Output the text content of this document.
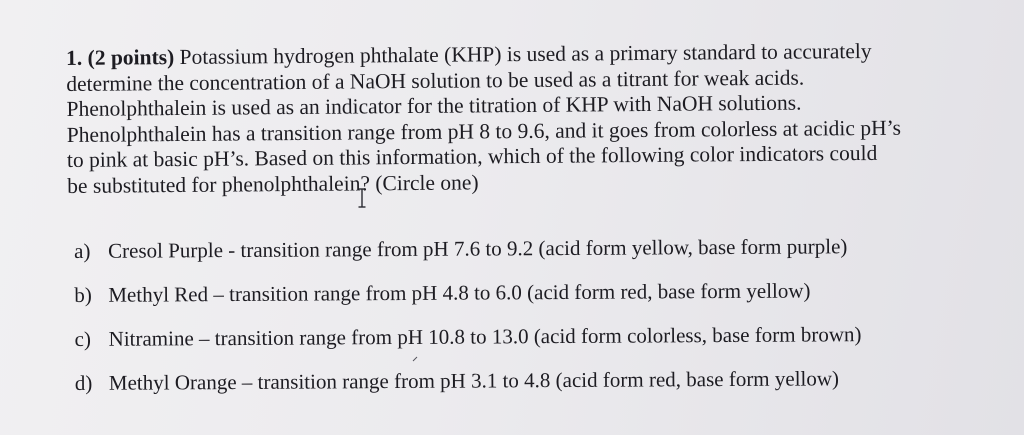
1. (2 points) Potassium hydrogen phthalate (KHP) is used as a primary standard to accurately
determine the concentration of a NaOH solution to be used as a titrant for weak acids.
Phenolphthalein is used as an indicator for the titration of KHP with NaOH solutions.
Phenolphthalein has a transition range from pH 8 to 9.6, and it goes from colorless at acidic pH’s
to pink at basic pH’s. Based on this information, which of the following color indicators could
be substituted for phenolphthalein? (Circle one)
a) Cresol Purple - transition range from pH 7.6 to 9.2 (acid form yellow, base form purple)
b) Methyl Red – transition range from pH 4.8 to 6.0 (acid form red, base form yellow)
c) Nitramine – transition range from pH 10.8 to 13.0 (acid form colorless, base form brown)
d) Methyl Orange – transition range from pH 3.1 to 4.8 (acid form red, base form yellow)
